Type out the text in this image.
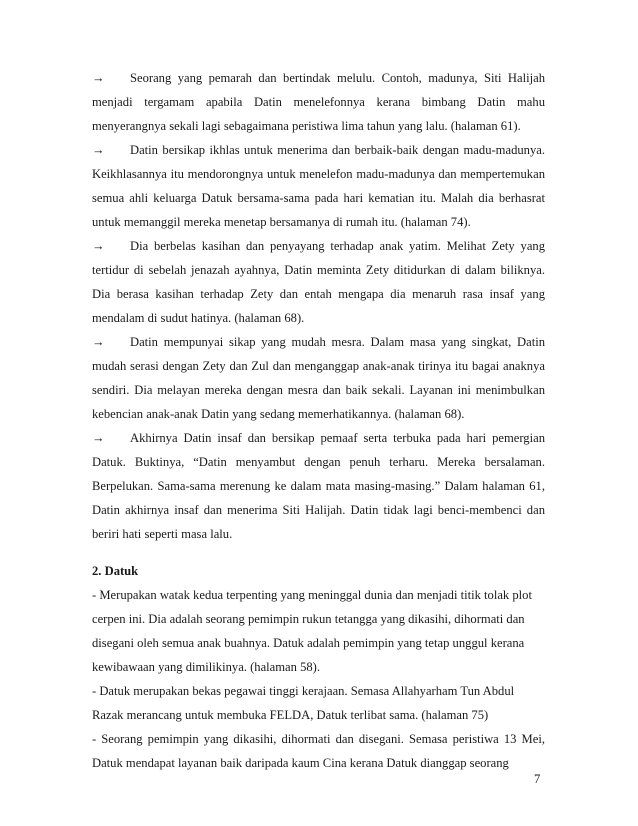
→ Seorang yang pemarah dan bertindak melulu. Contoh, madunya, Siti Halijah menjadi tergamam apabila Datin menelefonnya kerana bimbang Datin mahu menyerangnya sekali lagi sebagaimana peristiwa lima tahun yang lalu. (halaman 61).

→ Datin bersikap ikhlas untuk menerima dan berbaik-baik dengan madu-madunya. Keikhlasannya itu mendorongnya untuk menelefon madu-madunya dan mempertemukan semua ahli keluarga Datuk bersama-sama pada hari kematian itu. Malah dia berhasrat untuk memanggil mereka menetap bersamanya di rumah itu. (halaman 74).

→ Dia berbelas kasihan dan penyayang terhadap anak yatim. Melihat Zety yang tertidur di sebelah jenazah ayahnya, Datin meminta Zety ditidurkan di dalam biliknya. Dia berasa kasihan terhadap Zety dan entah mengapa dia menaruh rasa insaf yang mendalam di sudut hatinya. (halaman 68).

→ Datin mempunyai sikap yang mudah mesra. Dalam masa yang singkat, Datin mudah serasi dengan Zety dan Zul dan menganggap anak-anak tirinya itu bagai anaknya sendiri. Dia melayan mereka dengan mesra dan baik sekali. Layanan ini menimbulkan kebencian anak-anak Datin yang sedang memerhatikannya. (halaman 68).

→ Akhirnya Datin insaf dan bersikap pemaaf serta terbuka pada hari pemergian Datuk. Buktinya, “Datin menyambut dengan penuh terharu. Mereka bersalaman. Berpelukan. Sama-sama merenung ke dalam mata masing-masing.” Dalam halaman 61, Datin akhirnya insaf dan menerima Siti Halijah. Datin tidak lagi benci-membenci dan beriri hati seperti masa lalu.

2. Datuk

- Merupakan watak kedua terpenting yang meninggal dunia dan menjadi titik tolak plot cerpen ini. Dia adalah seorang pemimpin rukun tetangga yang dikasihi, dihormati dan disegani oleh semua anak buahnya. Datuk adalah pemimpin yang tetap unggul kerana kewibawaan yang dimilikinya. (halaman 58).

- Datuk merupakan bekas pegawai tinggi kerajaan. Semasa Allahyarham Tun Abdul Razak merancang untuk membuka FELDA, Datuk terlibat sama. (halaman 75)

- Seorang pemimpin yang dikasihi, dihormati dan disegani. Semasa peristiwa 13 Mei, Datuk mendapat layanan baik daripada kaum Cina kerana Datuk dianggap seorang

7
